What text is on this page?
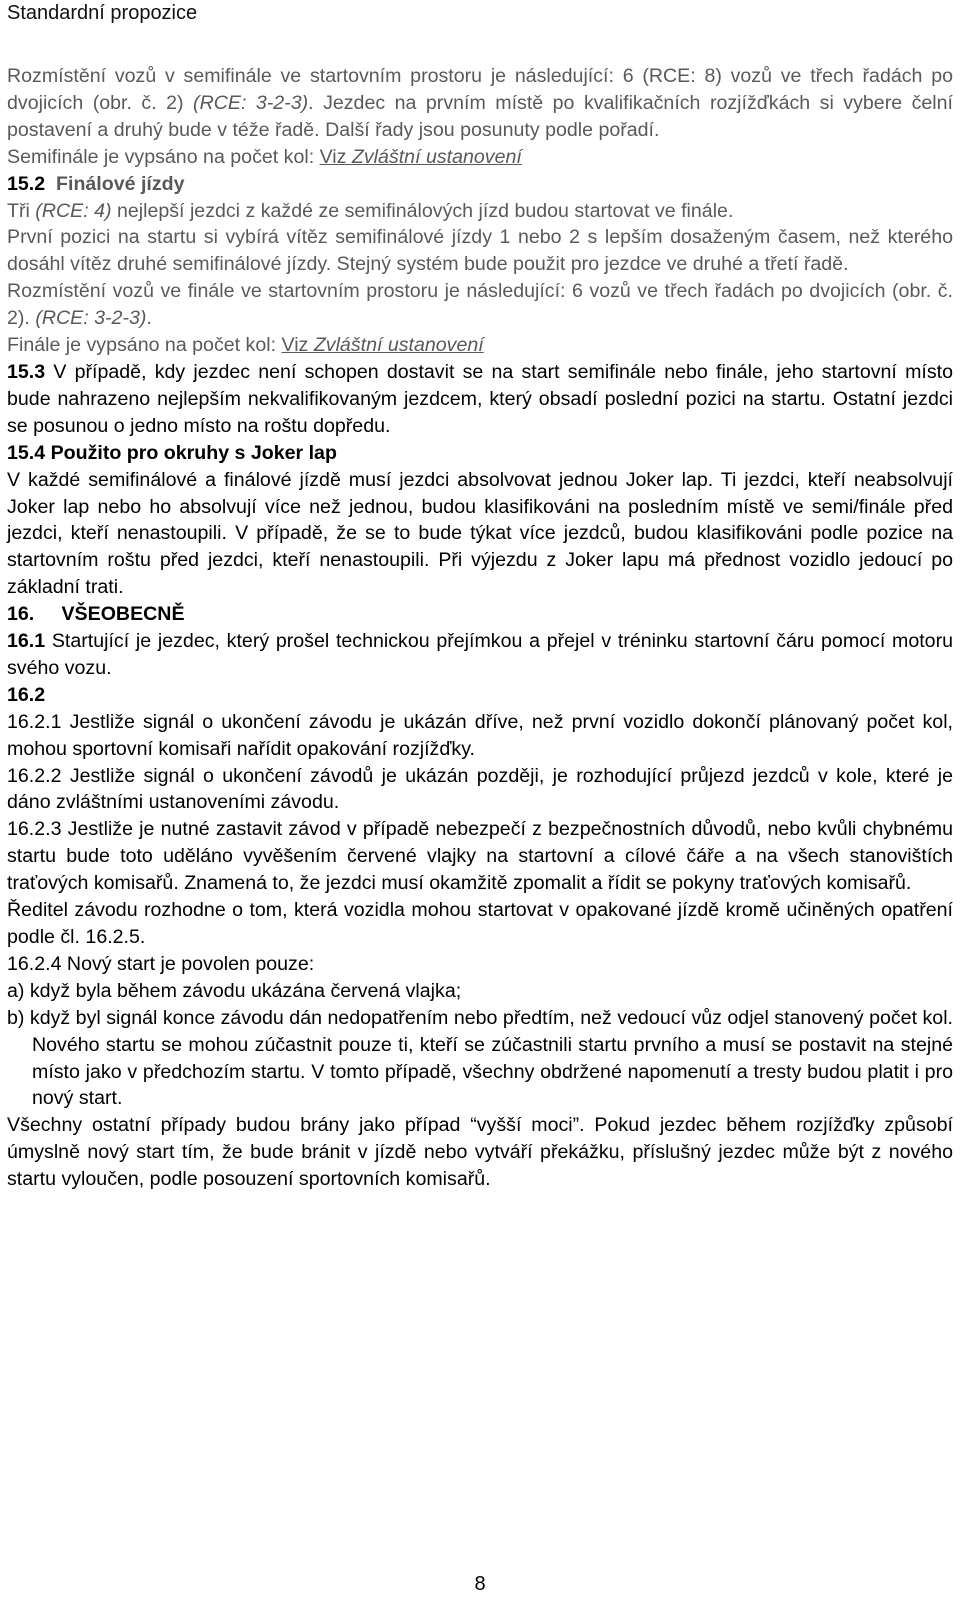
Standardní propozice

Rozmístění vozů v semifinále ve startovním prostoru je následující: 6 (RCE: 8) vozů ve třech řadách po dvojicích (obr. č. 2) (RCE: 3-2-3). Jezdec na prvním místě po kvalifikačních rozjížďkách si vybere čelní postavení a druhý bude v téže řadě. Další řady jsou posunuty podle pořadí.

Semifinále je vypsáno na počet kol: Viz Zvláštní ustanovení

15.2 Finálové jízdy

Tři (RCE: 4) nejlepší jezdci z každé ze semifinálových jízd budou startovat ve finále.

První pozici na startu si vybírá vítěz semifinálové jízdy 1 nebo 2 s lepším dosaženým časem, než kterého dosáhl vítěz druhé semifinálové jízdy. Stejný systém bude použit pro jezdce ve druhé a třetí řadě.

Rozmístění vozů ve finále ve startovním prostoru je následující: 6 vozů ve třech řadách po dvojicích (obr. č. 2). (RCE: 3-2-3).

Finále je vypsáno na počet kol: Viz Zvláštní ustanovení

15.3 V případě, kdy jezdec není schopen dostavit se na start semifinále nebo finále, jeho startovní místo bude nahrazeno nejlepším nekvalifikovaným jezdcem, který obsadí poslední pozici na startu. Ostatní jezdci se posunou o jedno místo na roštu dopředu.

15.4 Použito pro okruhy s Joker lap

V každé semifinálové a finálové jízdě musí jezdci absolvovat jednou Joker lap. Ti jezdci, kteří neabsolvují Joker lap nebo ho absolvují více než jednou, budou klasifikováni na posledním místě ve semi/finále před jezdci, kteří nenastoupili. V případě, že se to bude týkat více jezdců, budou klasifikováni podle pozice na startovním roštu před jezdci, kteří nenastoupili. Při výjezdu z Joker lapu má přednost vozidlo jedoucí po základní trati.

16. VŠEOBECNĚ

16.1 Startující je jezdec, který prošel technickou přejímkou a přejel v tréninku startovní čáru pomocí motoru svého vozu.

16.2

16.2.1 Jestliže signál o ukončení závodu je ukázán dříve, než první vozidlo dokončí plánovaný počet kol, mohou sportovní komisaři nařídit opakování rozjížďky.

16.2.2 Jestliže signál o ukončení závodů je ukázán později, je rozhodující průjezd jezdců v kole, které je dáno zvláštními ustanoveními závodu.

16.2.3 Jestliže je nutné zastavit závod v případě nebezpečí z bezpečnostních důvodů, nebo kvůli chybnému startu bude toto uděláno vyvěšením červené vlajky na startovní a cílové čáře a na všech stanovištích traťových komisařů. Znamená to, že jezdci musí okamžitě zpomalit a řídit se pokyny traťových komisařů.

Ředitel závodu rozhodne o tom, která vozidla mohou startovat v opakované jízdě kromě učiněných opatření podle čl. 16.2.5.

16.2.4 Nový start je povolen pouze:

a) když byla během závodu ukázána červená vlajka;

b) když byl signál konce závodu dán nedopatřením nebo předtím, než vedoucí vůz odjel stanovený počet kol. Nového startu se mohou zúčastnit pouze ti, kteří se zúčastnili startu prvního a musí se postavit na stejné místo jako v předchozím startu. V tomto případě, všechny obdržené napomenutí a tresty budou platit i pro nový start.

Všechny ostatní případy budou brány jako případ “vyšší moci”. Pokud jezdec během rozjížďky způsobí úmyslně nový start tím, že bude bránit v jízdě nebo vytváří překážku, příslušný jezdec může být z nového startu vyloučen, podle posouzení sportovních komisařů.

8
